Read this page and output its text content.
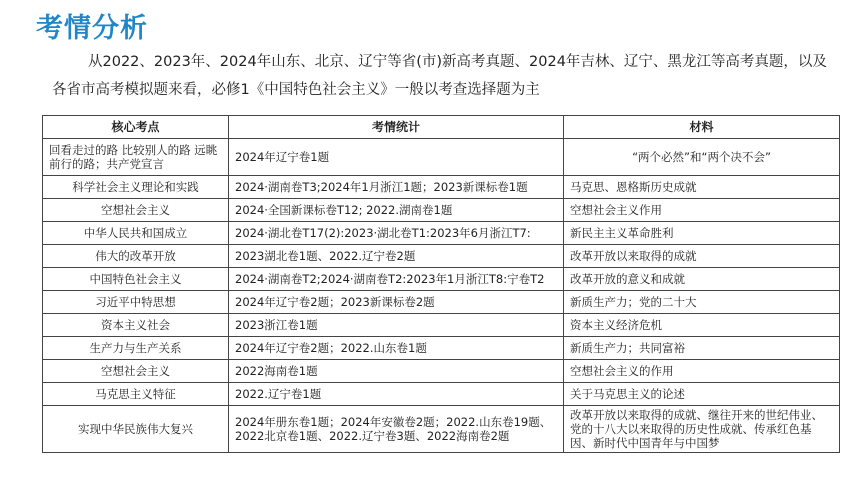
考情分析
从2022、2023年、2024年山东、北京、辽宁等省(市)新高考真题、2024年吉林、辽宁、黑龙江等高考真题，以及各省市高考模拟题来看，必修1《中国特色社会主义》一般以考查选择题为主
核心考点	考情统计	材料
回看走过的路 比较别人的路 远眺前行的路；共产党宣言	2024年辽宁卷1题	“两个必然”和“两个决不会”
科学社会主义理论和实践	2024·湖南卷T3;2024年1月浙江1题；2023新课标卷1题	马克思、恩格斯历史成就
空想社会主义	2024·全国新课标卷T12; 2022.湖南卷1题	空想社会主义作用
中华人民共和国成立	2024·湖北卷T17(2):2023·湖北卷T1:2023年6月浙江T7:	新民主主义革命胜利
伟大的改革开放	2023湖北卷1题、2022.辽宁卷2题	改革开放以来取得的成就
中国特色社会主义	2024·湖南卷T2;2024·湖南卷T2:2023年1月浙江T8:宁卷T2	改革开放的意义和成就
习近平中特思想	2024年辽宁卷2题；2023新课标卷2题	新质生产力；党的二十大
资本主义社会	2023浙江卷1题	资本主义经济危机
生产力与生产关系	2024年辽宁卷2题；2022.山东卷1题	新质生产力；共同富裕
空想社会主义	2022海南卷1题	空想社会主义的作用
马克思主义特征	2022.辽宁卷1题	关于马克思主义的论述
实现中华民族伟大复兴	2024年册东卷1题；2024年安徽卷2题；2022.山东卷19题、2022北京卷1题、2022.辽宁卷3题、2022海南卷2题	改革开放以来取得的成就、继往开来的世纪伟业、党的十八大以来取得的历史性成就、传承红色基因、新时代中国青年与中国梦
